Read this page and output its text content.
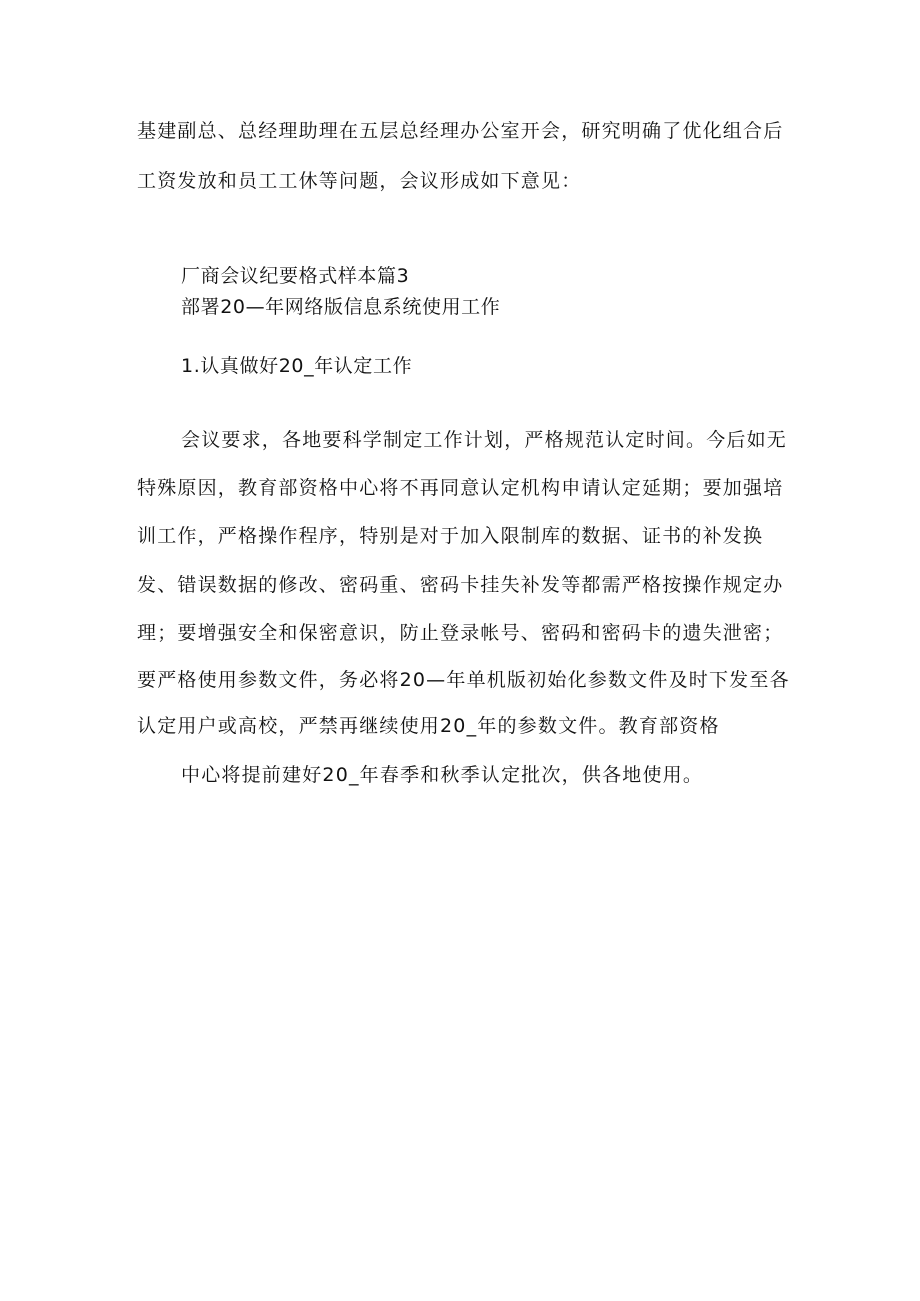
基建副总、总经理助理在五层总经理办公室开会，研究明确了优化组合后
工资发放和员工工休等问题，会议形成如下意见：
厂商会议纪要格式样本篇3
部署20—年网络版信息系统使用工作
1.认真做好20_年认定工作
会议要求，各地要科学制定工作计划，严格规范认定时间。今后如无
特殊原因，教育部资格中心将不再同意认定机构申请认定延期；要加强培
训工作，严格操作程序，特别是对于加入限制库的数据、证书的补发换
发、错误数据的修改、密码重、密码卡挂失补发等都需严格按操作规定办
理；要增强安全和保密意识，防止登录帐号、密码和密码卡的遗失泄密；
要严格使用参数文件，务必将20—年单机版初始化参数文件及时下发至各
认定用户或高校，严禁再继续使用20_年的参数文件。教育部资格
中心将提前建好20_年春季和秋季认定批次，供各地使用。
